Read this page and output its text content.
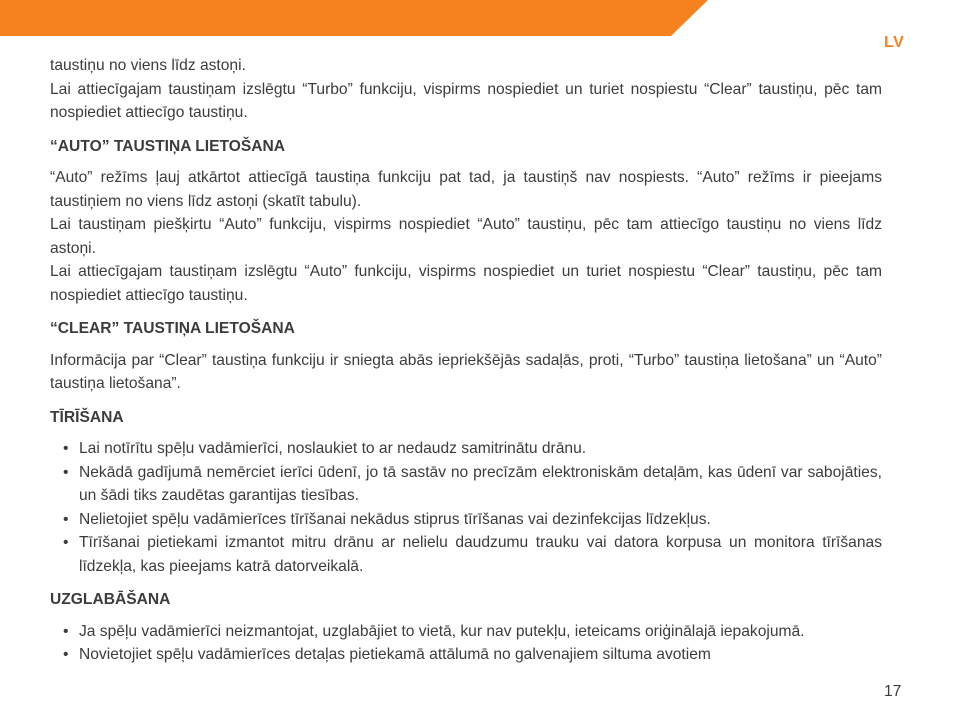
LV

taustiņu no viens līdz astoņi.

Lai attiecīgajam taustiņam izslēgtu “Turbo” funkciju, vispirms nospiediet un turiet nospiestu “Clear” taustiņu, pēc tam nospiediet attiecīgo taustiņu.

“AUTO” TAUSTIŅA LIETOŠANA

“Auto” režīms ļauj atkārtot attiecīgā taustiņa funkciju pat tad, ja taustiņš nav nospiests. “Auto” režīms ir pieejams taustiņiem no viens līdz astoņi (skatīt tabulu).

Lai taustiņam piešķirtu “Auto” funkciju, vispirms nospiediet “Auto” taustiņu, pēc tam attiecīgo taustiņu no viens līdz astoņi.

Lai attiecīgajam taustiņam izslēgtu “Auto” funkciju, vispirms nospiediet un turiet nospiestu “Clear” taustiņu, pēc tam nospiediet attiecīgo taustiņu.

“CLEAR” TAUSTIŅA LIETOŠANA

Informācija par “Clear” taustiņa funkciju ir sniegta abās iepriekšējās sadaļās, proti, “Turbo” taustiņa lietošana” un “Auto” taustiņa lietošana”.

TĪRĪŠANA
• Lai notīrītu spēļu vadāmierīci, noslaukiet to ar nedaudz samitrinātu drānu.
• Nekādā gadījumā nemērciet ierīci ūdenī, jo tā sastāv no precīzām elektroniskām detaļām, kas ūdenī var sabojāties, un šādi tiks zaudētas garantijas tiesības.
• Nelietojiet spēļu vadāmierīces tīrīšanai nekādus stiprus tīrīšanas vai dezinfekcijas līdzekļus.
• Tīrīšanai pietiekami izmantot mitru drānu ar nelielu daudzumu trauku vai datora korpusa un monitora tīrīšanas līdzekļa, kas pieejams katrā datorveikalā.
UZGLABĀŠANA
• Ja spēļu vadāmierīci neizmantojat, uzglabājiet to vietā, kur nav putekļu, ieteicams oriģinālajā iepakojumā.
• Novietojiet spēļu vadāmierīces detaļas pietiekamā attālumā no galvenajiem siltuma avotiem
17
